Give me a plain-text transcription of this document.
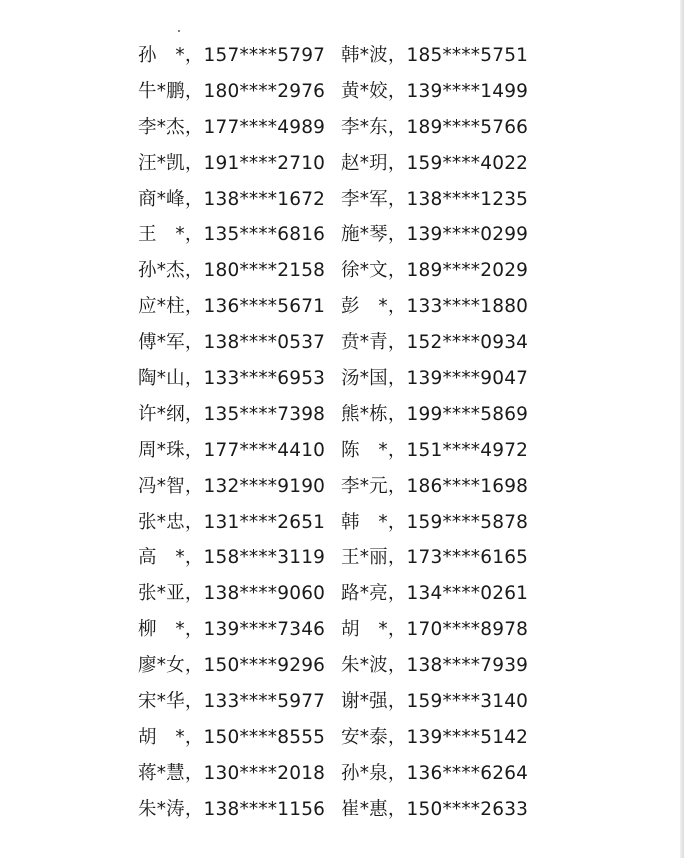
孙　*，157****5797 韩*波，185****5751
牛*鹏，180****2976 黄*姣，139****1499
李*杰，177****4989 李*东，189****5766
汪*凯，191****2710 赵*玥，159****4022
商*峰，138****1672 李*军，138****1235
王　*，135****6816 施*琴，139****0299
孙*杰，180****2158 徐*文，189****2029
应*柱，136****5671 彭　*，133****1880
傅*军，138****0537 贲*青，152****0934
陶*山，133****6953 汤*国，139****9047
许*纲，135****7398 熊*栋，199****5869
周*珠，177****4410 陈　*，151****4972
冯*智，132****9190 李*元，186****1698
张*忠，131****2651 韩　*，159****5878
高　*，158****3119 王*丽，173****6165
张*亚，138****9060 路*亮，134****0261
柳　*，139****7346 胡　*，170****8978
廖*女，150****9296 朱*波，138****7939
宋*华，133****5977 谢*强，159****3140
胡　*，150****8555 安*泰，139****5142
蒋*慧，130****2018 孙*泉，136****6264
朱*涛，138****1156 崔*惠，150****2633
